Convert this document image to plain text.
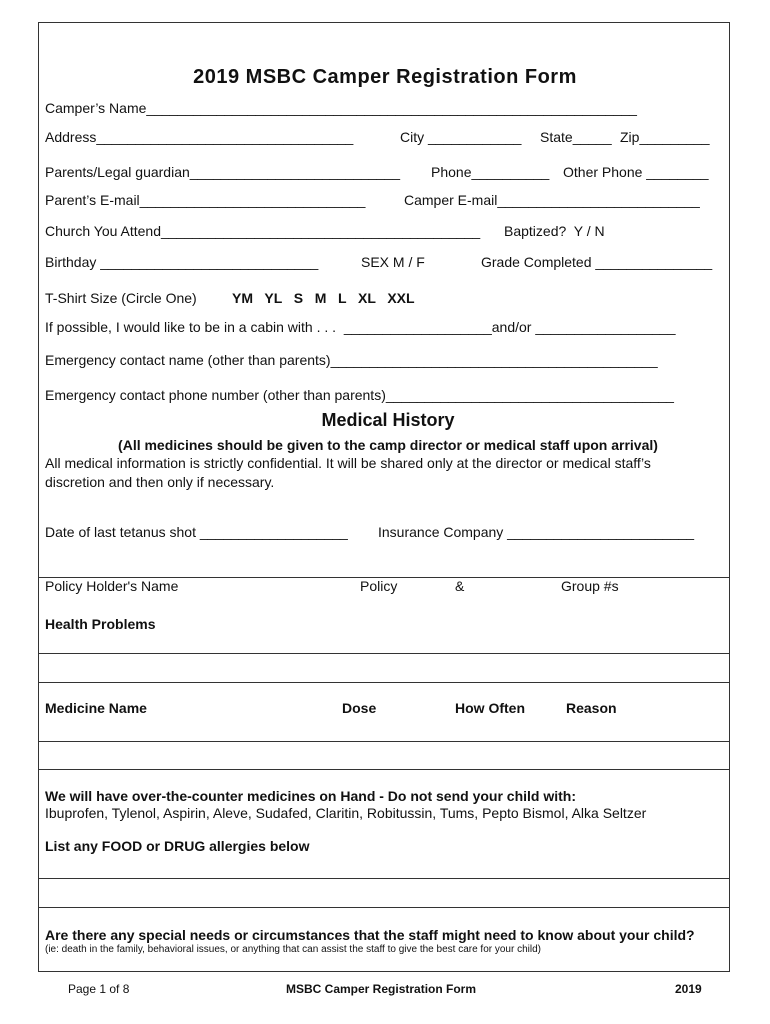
2019 MSBC Camper Registration Form
Camper’s Name_______________________________________________________________
Address_________________________________	City ____________ State_____ Zip_________
Parents/Legal guardian___________________________ Phone__________ Other Phone ________
Parent’s E-mail_____________________________	Camper E-mail__________________________
Church You Attend_________________________________________ Baptized?  Y / N
Birthday ____________________________	SEX M / F	Grade Completed _______________
T-Shirt Size (Circle One)	YM   YL   S   M   L   XL   XXL
If possible, I would like to be in a cabin with . . .  ___________________and/or __________________
Emergency contact name (other than parents)__________________________________________
Emergency contact phone number (other than parents)_____________________________________
Medical History
(All medicines should be given to the camp director or medical staff upon arrival)
All medical information is strictly confidential. It will be shared only at the director or medical staff’s
discretion and then only if necessary.
Date of last tetanus shot ___________________ Insurance Company ________________________
Policy Holder's Name	Policy	&	Group #s
Health Problems
Medicine Name	Dose	How Often	Reason
We will have over-the-counter medicines on Hand - Do not send your child with:
Ibuprofen, Tylenol, Aspirin, Aleve, Sudafed, Claritin, Robitussin, Tums, Pepto Bismol, Alka Seltzer
List any FOOD or DRUG allergies below
Are there any special needs or circumstances that the staff might need to know about your child?
(ie: death in the family, behavioral issues, or anything that can assist the staff to give the best care for your child)
Page 1 of 8	MSBC Camper Registration Form	2019
